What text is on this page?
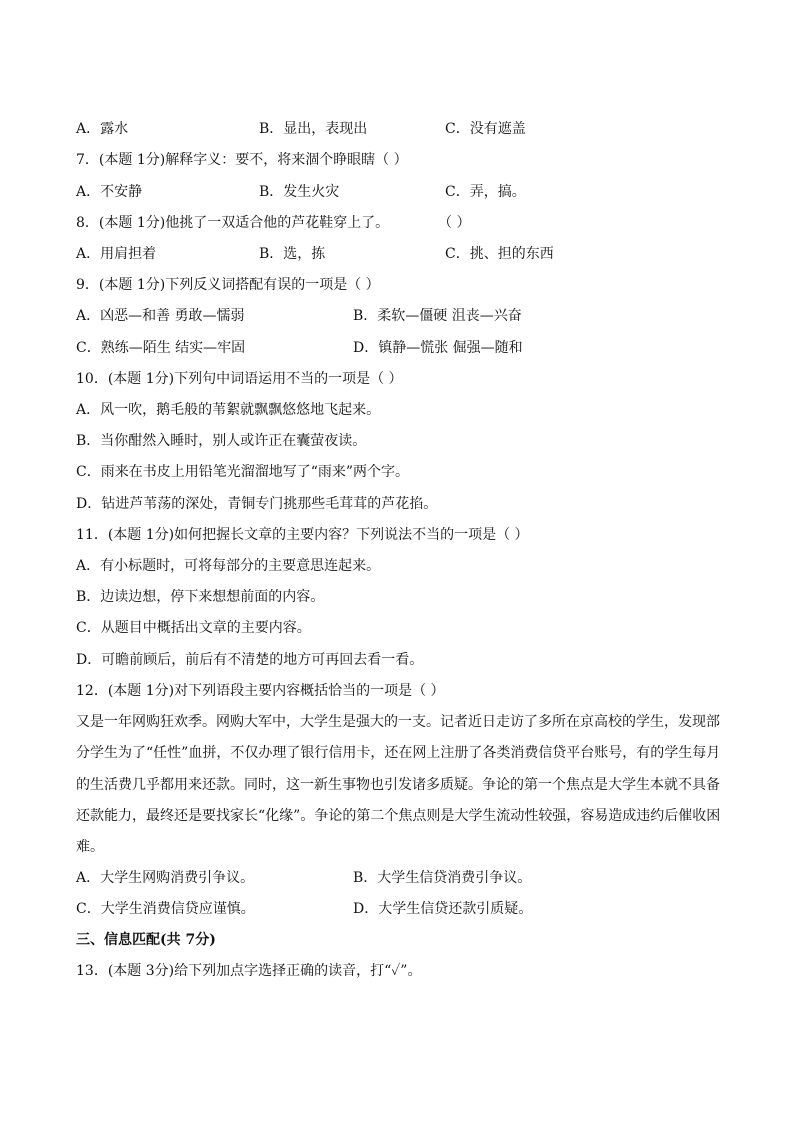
A．露水	B．显出，表现出	C．没有遮盖
7．(本题 1分)解释字义：要不，将来涸个睁眼瞎（ ）
A．不安静	B．发生火灾	C．弄，搞。
8．(本题 1分)他挑了一双适合他的芦花鞋穿上了。	（ ）
A．用肩担着	B．选，拣	C．挑、担的东西
9．(本题 1分)下列反义词搭配有误的一项是（ ）
A．凶恶—和善 勇敢—懦弱	B．柔软—僵硬 沮丧—兴奋
C．熟练—陌生 结实—牢固	D．镇静—慌张 倔强—随和
10．(本题 1分)下列句中词语运用不当的一项是（ ）
A．风一吹，鹅毛般的苇絮就飘飘悠悠地飞起来。
B．当你酣然入睡时，别人或许正在囊萤夜读。
C．雨来在书皮上用铅笔光溜溜地写了“雨来”两个字。
D．钻进芦苇荡的深处，青铜专门挑那些毛茸茸的芦花掐。
11．(本题 1分)如何把握长文章的主要内容？下列说法不当的一项是（ ）
A．有小标题时，可将每部分的主要意思连起来。
B．边读边想，停下来想想前面的内容。
C．从题目中概括出文章的主要内容。
D．可瞻前顾后，前后有不清楚的地方可再回去看一看。
12．(本题 1分)对下列语段主要内容概括恰当的一项是（ ）
又是一年网购狂欢季。网购大军中，大学生是强大的一支。记者近日走访了多所在京高校的学生，发现部分学生为了“任性”血拼，不仅办理了银行信用卡，还在网上注册了各类消费信贷平台账号，有的学生每月的生活费几乎都用来还款。同时，这一新生事物也引发诸多质疑。争论的第一个焦点是大学生本就不具备还款能力，最终还是要找家长“化缘”。争论的第二个焦点则是大学生流动性较强，容易造成违约后催收困难。
A．大学生网购消费引争议。	B．大学生信贷消费引争议。
C．大学生消费信贷应谨慎。	D．大学生信贷还款引质疑。
三、信息匹配(共 7分)
13．(本题 3分)给下列加点字选择正确的读音，打“✓”。
